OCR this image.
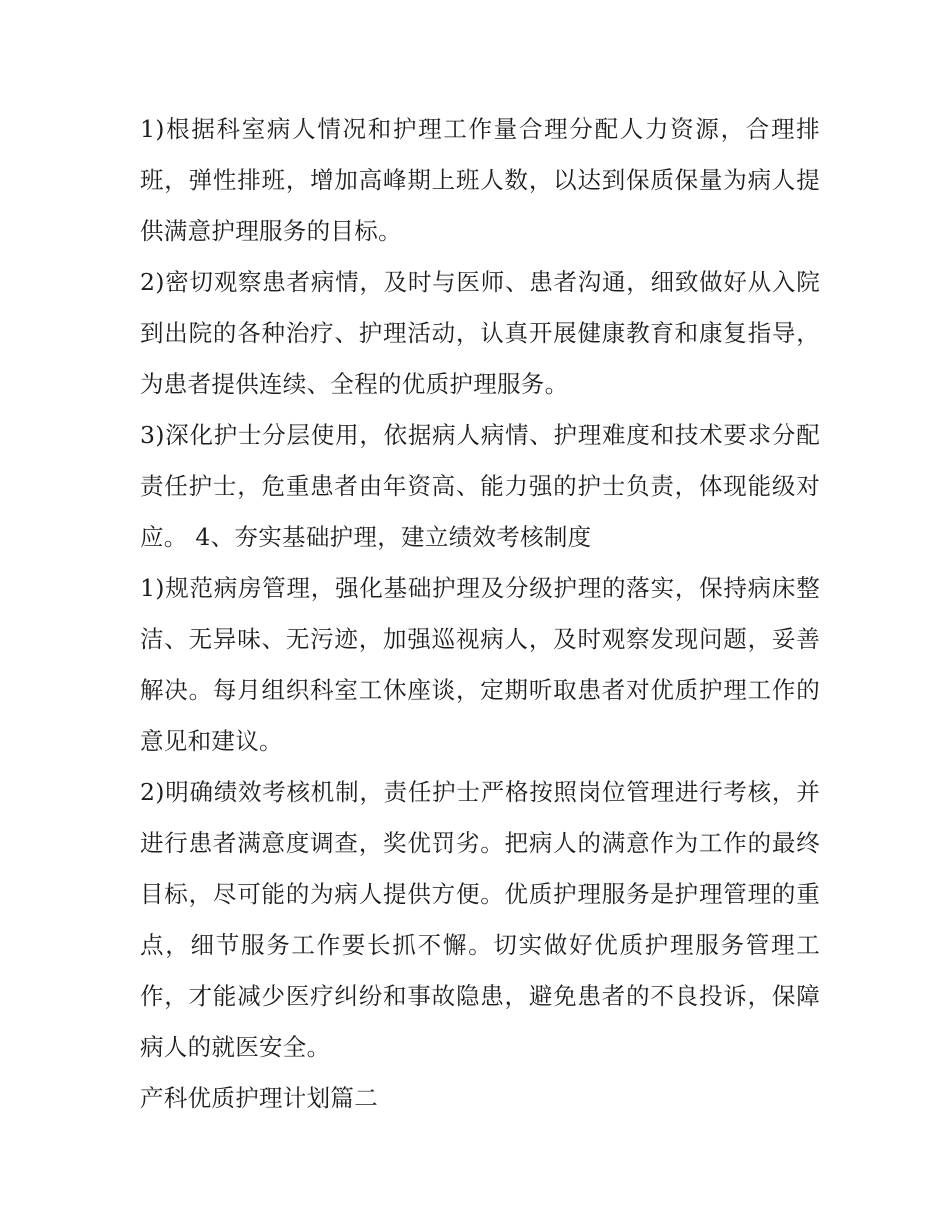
1)根据科室病人情况和护理工作量合理分配人力资源，合理排班，弹性排班，增加高峰期上班人数，以达到保质保量为病人提供满意护理服务的目标。

2)密切观察患者病情，及时与医师、患者沟通，细致做好从入院到出院的各种治疗、护理活动，认真开展健康教育和康复指导，为患者提供连续、全程的优质护理服务。

3)深化护士分层使用，依据病人病情、护理难度和技术要求分配责任护士，危重患者由年资高、能力强的护士负责，体现能级对应。 4、夯实基础护理，建立绩效考核制度

1)规范病房管理，强化基础护理及分级护理的落实，保持病床整洁、无异味、无污迹，加强巡视病人，及时观察发现问题，妥善解决。每月组织科室工休座谈，定期听取患者对优质护理工作的意见和建议。

2)明确绩效考核机制，责任护士严格按照岗位管理进行考核，并进行患者满意度调查，奖优罚劣。把病人的满意作为工作的最终目标，尽可能的为病人提供方便。优质护理服务是护理管理的重点，细节服务工作要长抓不懈。切实做好优质护理服务管理工作，才能减少医疗纠纷和事故隐患，避免患者的不良投诉，保障病人的就医安全。

产科优质护理计划篇二
